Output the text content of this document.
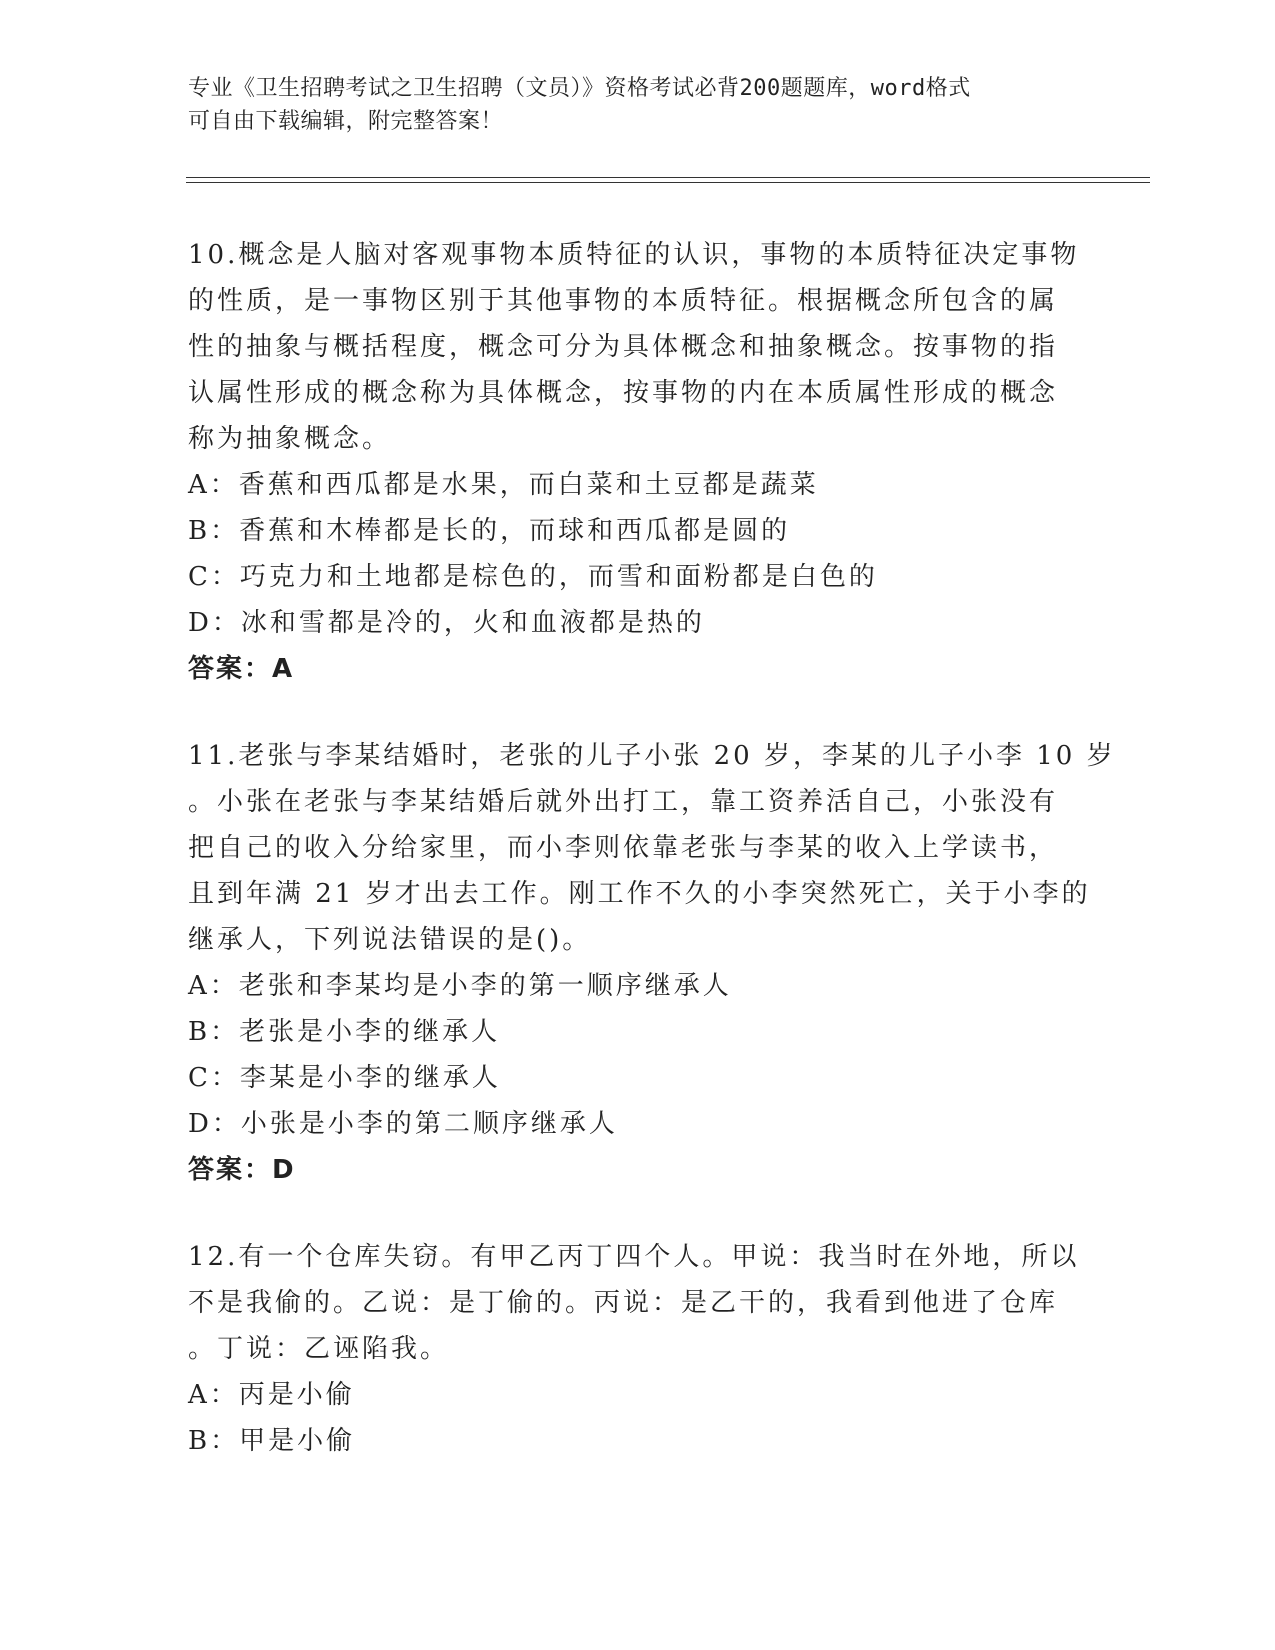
专业《卫生招聘考试之卫生招聘（文员）》资格考试必背200题题库，word格式
可自由下载编辑，附完整答案！
10.概念是人脑对客观事物本质特征的认识，事物的本质特征决定事物
的性质，是一事物区别于其他事物的本质特征。根据概念所包含的属
性的抽象与概括程度，概念可分为具体概念和抽象概念。按事物的指
认属性形成的概念称为具体概念，按事物的内在本质属性形成的概念
称为抽象概念。
A：香蕉和西瓜都是水果，而白菜和土豆都是蔬菜
B：香蕉和木棒都是长的，而球和西瓜都是圆的
C：巧克力和土地都是棕色的，而雪和面粉都是白色的
D：冰和雪都是冷的，火和血液都是热的
答案：A
11.老张与李某结婚时，老张的儿子小张 20 岁，李某的儿子小李 10 岁
。小张在老张与李某结婚后就外出打工，靠工资养活自己，小张没有
把自己的收入分给家里，而小李则依靠老张与李某的收入上学读书，
且到年满 21 岁才出去工作。刚工作不久的小李突然死亡，关于小李的
继承人，下列说法错误的是()。
A：老张和李某均是小李的第一顺序继承人
B：老张是小李的继承人
C：李某是小李的继承人
D：小张是小李的第二顺序继承人
答案：D
12.有一个仓库失窃。有甲乙丙丁四个人。甲说：我当时在外地，所以
不是我偷的。乙说：是丁偷的。丙说：是乙干的，我看到他进了仓库
。丁说：乙诬陷我。
A：丙是小偷
B：甲是小偷
